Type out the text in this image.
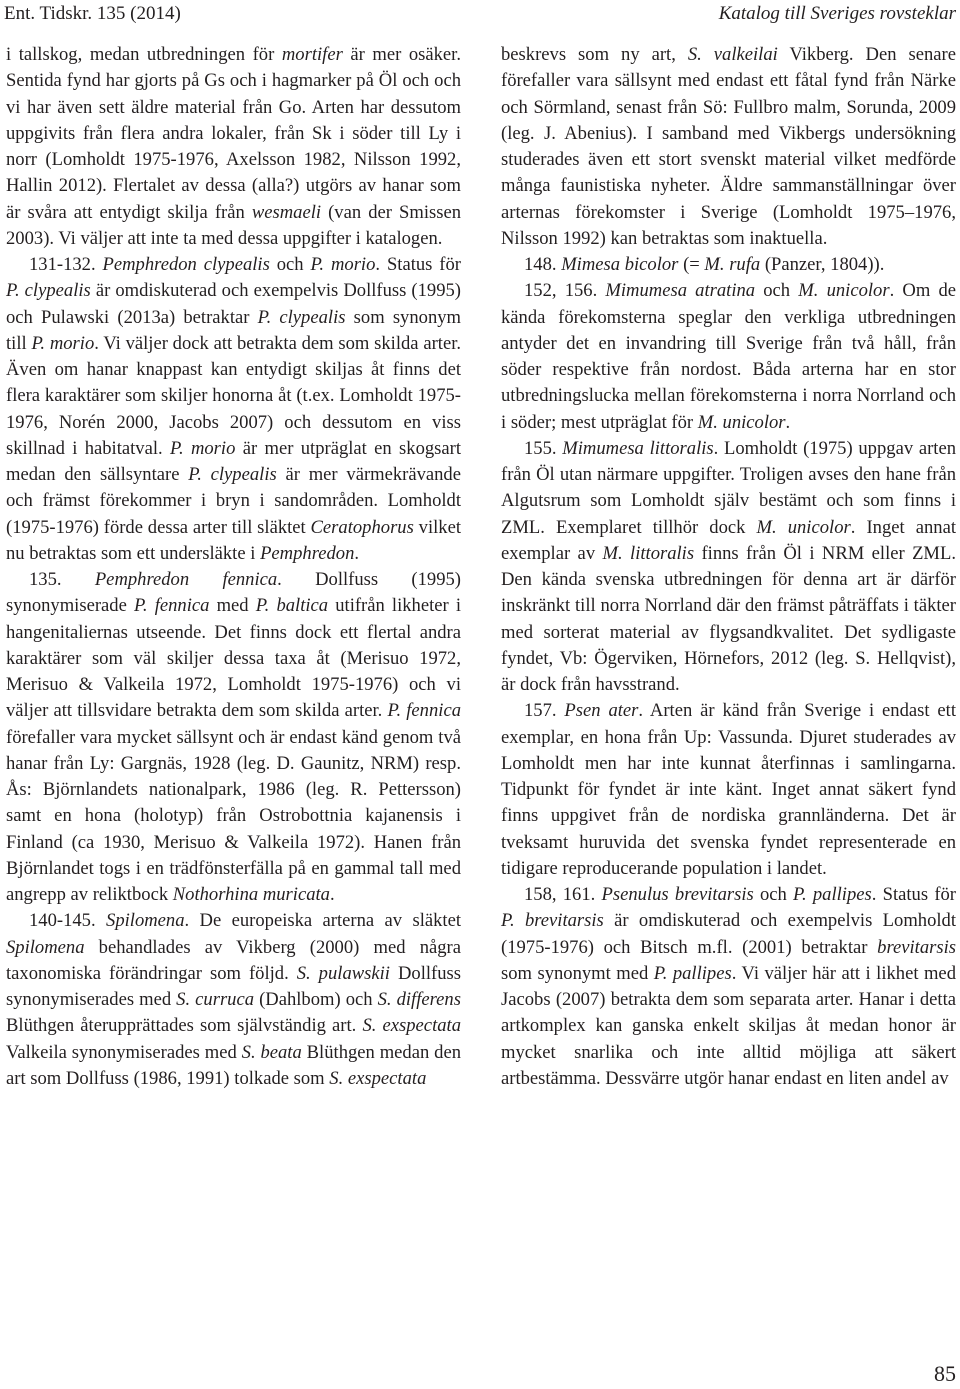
Ent. Tidskr. 135 (2014)	Katalog till Sveriges rovsteklar

i tallskog, medan utbredningen för mortifer är mer osäker. Sentida fynd har gjorts på Gs och i hagmarker på Öl och och vi har även sett äldre material från Go. Arten har dessutom uppgivits från flera andra lokaler, från Sk i söder till Ly i norr (Lomholdt 1975-1976, Axelsson 1982, Nilsson 1992, Hallin 2012). Flertalet av dessa (alla?) utgörs av hanar som är svåra att entydigt skilja från wesmaeli (van der Smissen 2003). Vi väljer att inte ta med dessa uppgifter i katalogen.

131-132. Pemphredon clypealis och P. morio. Status för P. clypealis är omdiskuterad och exempelvis Dollfuss (1995) och Pulawski (2013a) betraktar P. clypealis som synonym till P. morio. Vi väljer dock att betrakta dem som skilda arter. Även om hanar knappast kan entydigt skiljas åt finns det flera karaktärer som skiljer honorna åt (t.ex. Lomholdt 1975-1976, Norén 2000, Jacobs 2007) och dessutom en viss skillnad i habitatval. P. morio är mer utpräglat en skogsart medan den sällsyntare P. clypealis är mer värmekrävande och främst förekommer i bryn i sandområden. Lomholdt (1975-1976) förde dessa arter till släktet Ceratophorus vilket nu betraktas som ett undersläkte i Pemphredon.

135. Pemphredon fennica. Dollfuss (1995) synonymiserade P. fennica med P. baltica utifrån likheter i hangenitaliernas utseende. Det finns dock ett flertal andra karaktärer som väl skiljer dessa taxa åt (Merisuo 1972, Merisuo & Valkeila 1972, Lomholdt 1975-1976) och vi väljer att tillsvidare betrakta dem som skilda arter. P. fennica förefaller vara mycket sällsynt och är endast känd genom två hanar från Ly: Gargnäs, 1928 (leg. D. Gaunitz, NRM) resp. Ås: Björnlandets nationalpark, 1986 (leg. R. Pettersson) samt en hona (holotyp) från Ostrobottnia kajanensis i Finland (ca 1930, Merisuo & Valkeila 1972). Hanen från Björnlandet togs i en trädfönsterfälla på en gammal tall med angrepp av reliktbock Nothorhina muricata.

140-145. Spilomena. De europeiska arterna av släktet Spilomena behandlades av Vikberg (2000) med några taxonomiska förändringar som följd. S. pulawskii Dollfuss synonymiserades med S. curruca (Dahlbom) och S. differens Blüthgen återupprättades som självständig art. S. exspectata Valkeila synonymiserades med S. beata Blüthgen medan den art som Dollfuss (1986, 1991) tolkade som S. exspectata

beskrevs som ny art, S. valkeilai Vikberg. Den senare förefaller vara sällsynt med endast ett fåtal fynd från Närke och Sörmland, senast från Sö: Fullbro malm, Sorunda, 2009 (leg. J. Abenius). I samband med Vikbergs undersökning studerades även ett stort svenskt material vilket medförde många faunistiska nyheter. Äldre sammanställningar över arternas förekomster i Sverige (Lomholdt 1975–1976, Nilsson 1992) kan betraktas som inaktuella.

148. Mimesa bicolor (= M. rufa (Panzer, 1804)).

152, 156. Mimumesa atratina och M. unicolor. Om de kända förekomsterna speglar den verkliga utbredningen antyder det en invandring till Sverige från två håll, från söder respektive från nordost. Båda arterna har en stor utbredningslucka mellan förekomsterna i norra Norrland och i söder; mest utpräglat för M. unicolor.

155. Mimumesa littoralis. Lomholdt (1975) uppgav arten från Öl utan närmare uppgifter. Troligen avses den hane från Algutsrum som Lomholdt själv bestämt och som finns i ZML. Exemplaret tillhör dock M. unicolor. Inget annat exemplar av M. littoralis finns från Öl i NRM eller ZML. Den kända svenska utbredningen för denna art är därför inskränkt till norra Norrland där den främst påträffats i täkter med sorterat material av flygsandkvalitet. Det sydligaste fyndet, Vb: Ögerviken, Hörnefors, 2012 (leg. S. Hellqvist), är dock från havsstrand.

157. Psen ater. Arten är känd från Sverige i endast ett exemplar, en hona från Up: Vassunda. Djuret studerades av Lomholdt men har inte kunnat återfinnas i samlingarna. Tidpunkt för fyndet är inte känt. Inget annat säkert fynd finns uppgivet från de nordiska grannländerna. Det är tveksamt huruvida det svenska fyndet representerade en tidigare reproducerande population i landet.

158, 161. Psenulus brevitarsis och P. pallipes. Status för P. brevitarsis är omdiskuterad och exempelvis Lomholdt (1975-1976) och Bitsch m.fl. (2001) betraktar brevitarsis som synonymt med P. pallipes. Vi väljer här att i likhet med Jacobs (2007) betrakta dem som separata arter. Hanar i detta artkomplex kan ganska enkelt skiljas åt medan honor är mycket snarlika och inte alltid möjliga att säkert artbestämma. Dessvärre utgör hanar endast en liten andel av

85
